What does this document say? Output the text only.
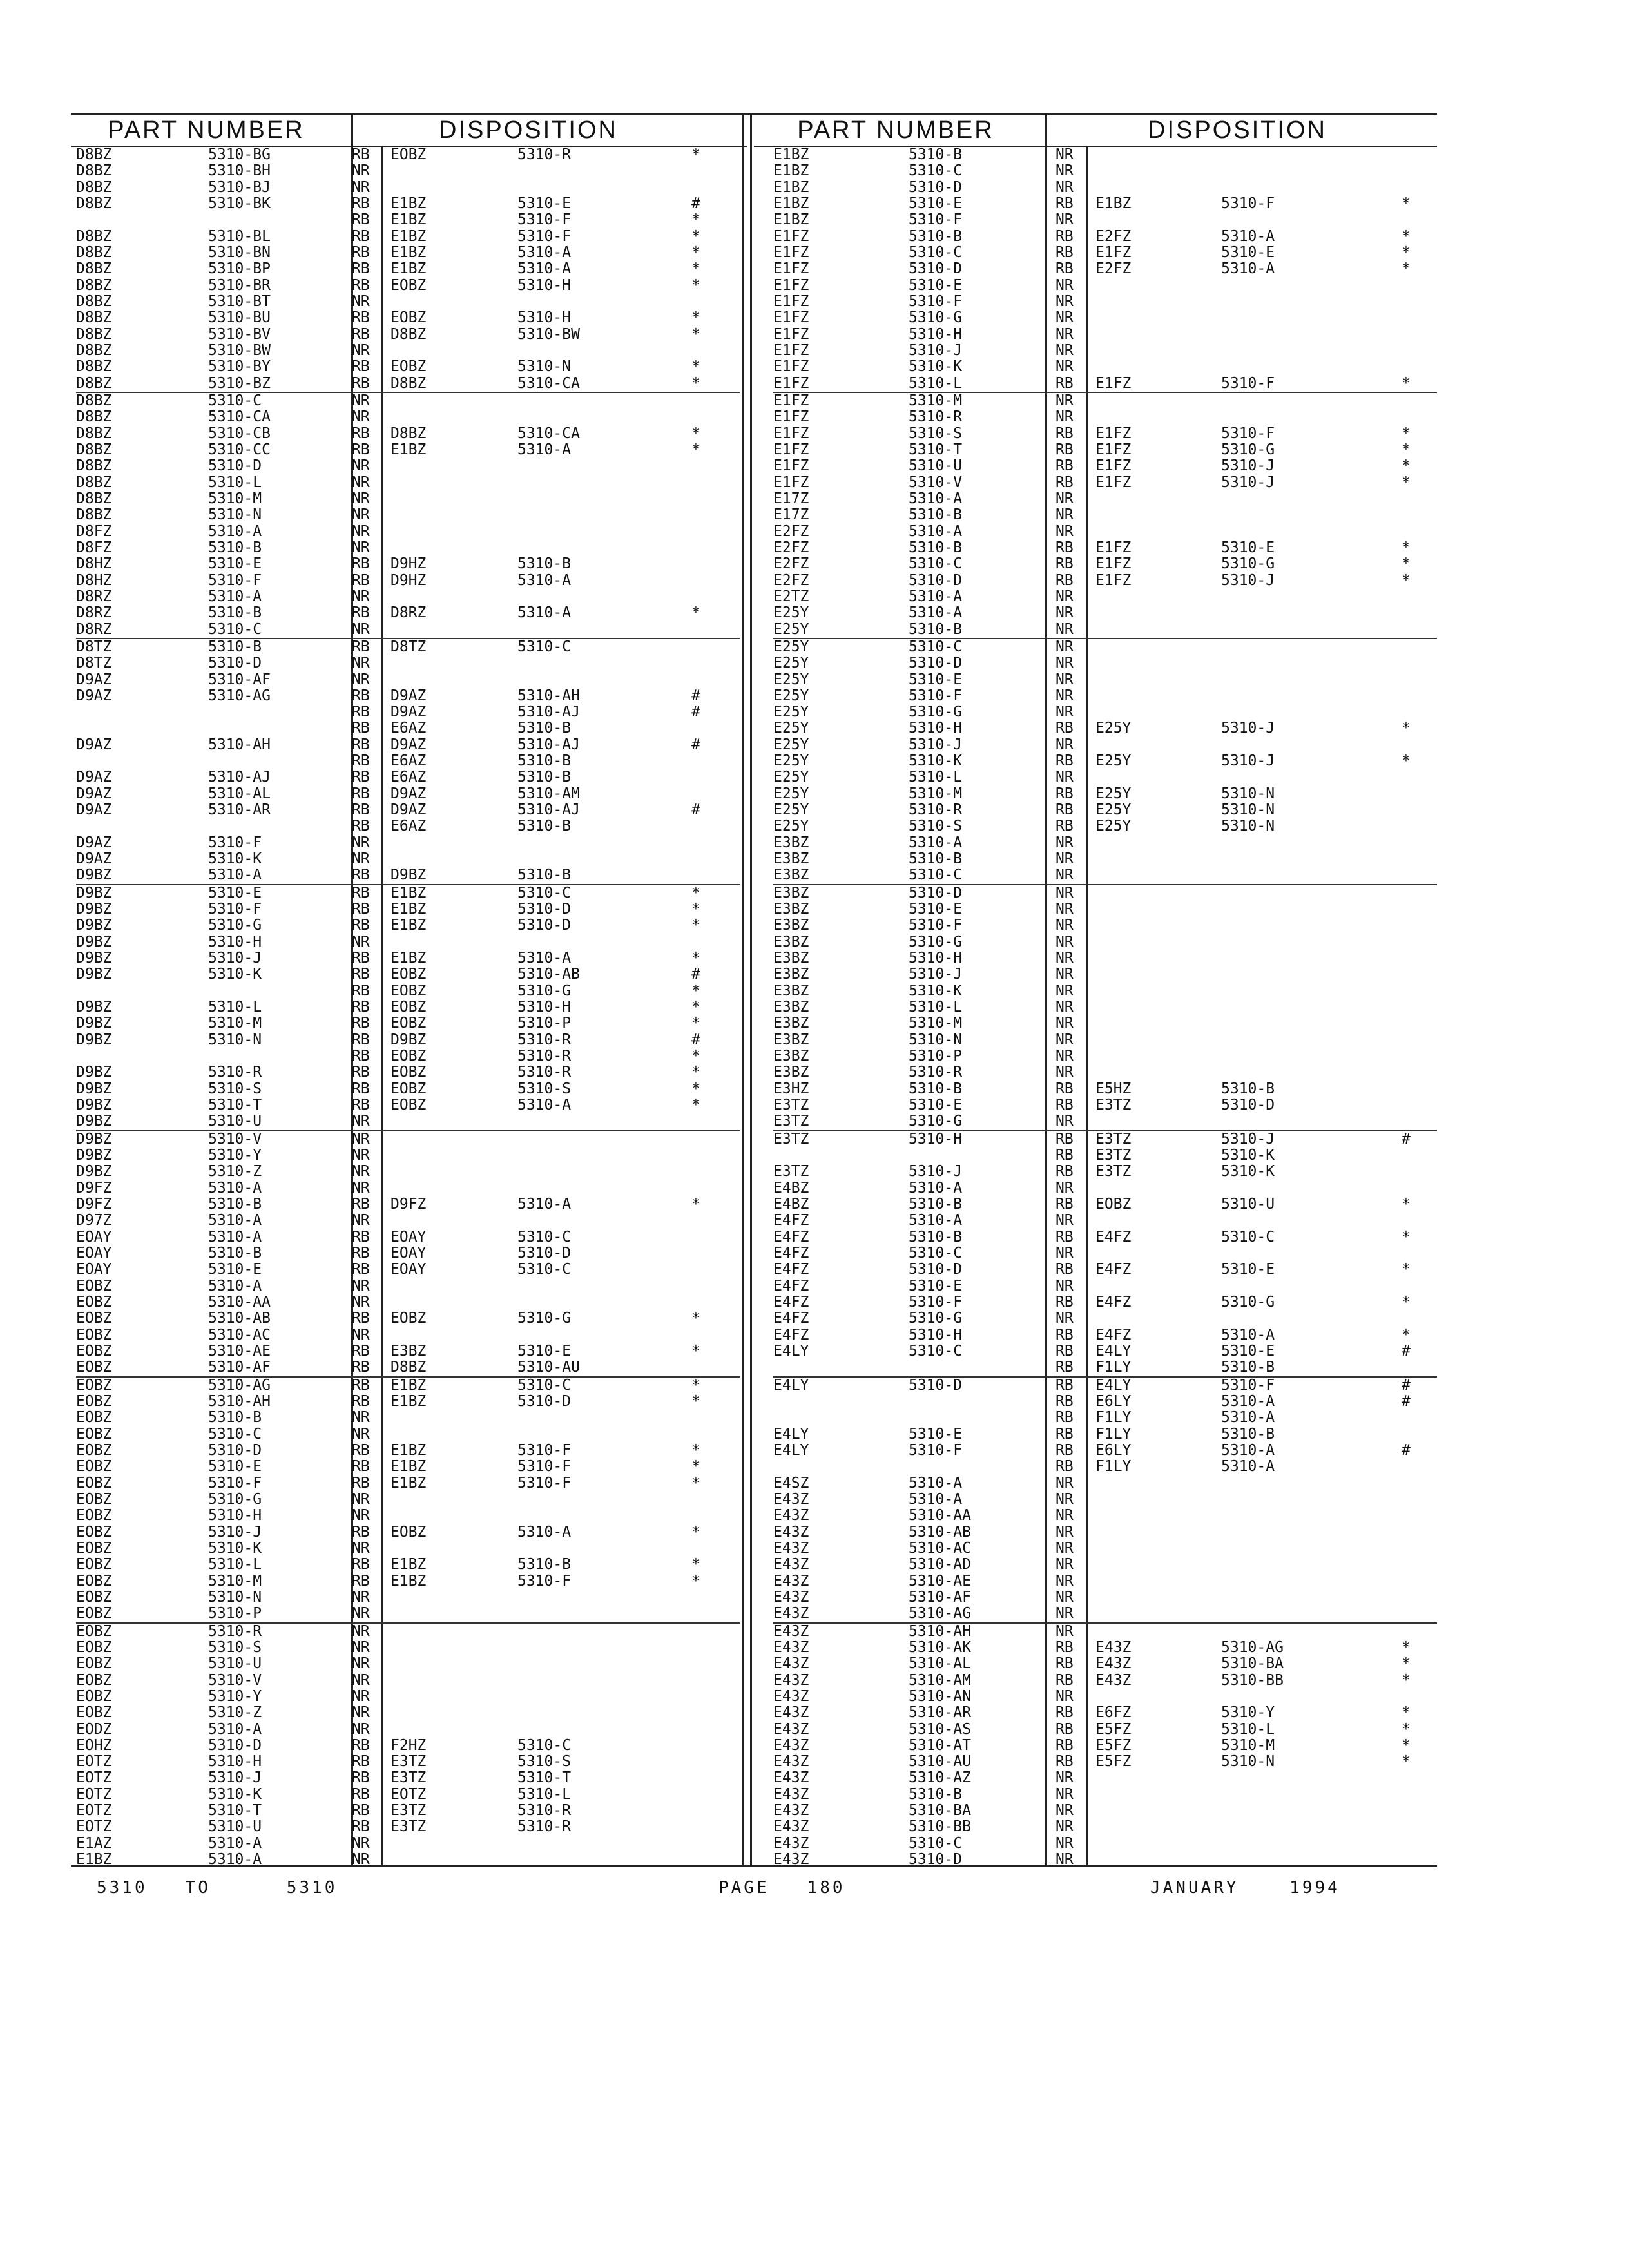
PART NUMBER	DISPOSITION	PART NUMBER	DISPOSITION
D8BZ	5310-BG	RB EOBZ	5310-R	*
D8BZ	5310-BH	NR
D8BZ	5310-BJ	NR
D8BZ	5310-BK	RB E1BZ	5310-E	#
RB E1BZ	5310-F	*
D8BZ	5310-BL	RB E1BZ	5310-F	*
D8BZ	5310-BN	RB E1BZ	5310-A	*
D8BZ	5310-BP	RB E1BZ	5310-A	*
D8BZ	5310-BR	RB EOBZ	5310-H	*
D8BZ	5310-BT	NR
D8BZ	5310-BU	RB EOBZ	5310-H	*
D8BZ	5310-BV	RB D8BZ	5310-BW	*
D8BZ	5310-BW	NR
D8BZ	5310-BY	RB EOBZ	5310-N	*
D8BZ	5310-BZ	RB D8BZ	5310-CA	*
D8BZ	5310-C	NR
D8BZ	5310-CA	NR
D8BZ	5310-CB	RB D8BZ	5310-CA	*
D8BZ	5310-CC	RB E1BZ	5310-A	*
D8BZ	5310-D	NR
D8BZ	5310-L	NR
D8BZ	5310-M	NR
D8BZ	5310-N	NR
D8FZ	5310-A	NR
D8FZ	5310-B	NR
D8HZ	5310-E	RB D9HZ	5310-B
D8HZ	5310-F	RB D9HZ	5310-A
D8RZ	5310-A	NR
D8RZ	5310-B	RB D8RZ	5310-A	*
D8RZ	5310-C	NR
D8TZ	5310-B	RB D8TZ	5310-C
D8TZ	5310-D	NR
D9AZ	5310-AF	NR
D9AZ	5310-AG	RB D9AZ	5310-AH	#
RB D9AZ	5310-AJ	#
RB E6AZ	5310-B
D9AZ	5310-AH	RB D9AZ	5310-AJ	#
RB E6AZ	5310-B
D9AZ	5310-AJ	RB E6AZ	5310-B
D9AZ	5310-AL	RB D9AZ	5310-AM
D9AZ	5310-AR	RB D9AZ	5310-AJ	#
RB E6AZ	5310-B
D9AZ	5310-F	NR
D9AZ	5310-K	NR
D9BZ	5310-A	RB D9BZ	5310-B
D9BZ	5310-E	RB E1BZ	5310-C	*
D9BZ	5310-F	RB E1BZ	5310-D	*
D9BZ	5310-G	RB E1BZ	5310-D	*
D9BZ	5310-H	NR
D9BZ	5310-J	RB E1BZ	5310-A	*
D9BZ	5310-K	RB EOBZ	5310-AB	#
RB EOBZ	5310-G	*
D9BZ	5310-L	RB EOBZ	5310-H	*
D9BZ	5310-M	RB EOBZ	5310-P	*
D9BZ	5310-N	RB D9BZ	5310-R	#
RB EOBZ	5310-R	*
D9BZ	5310-R	RB EOBZ	5310-R	*
D9BZ	5310-S	RB EOBZ	5310-S	*
D9BZ	5310-T	RB EOBZ	5310-A	*
D9BZ	5310-U	NR
D9BZ	5310-V	NR
D9BZ	5310-Y	NR
D9BZ	5310-Z	NR
D9FZ	5310-A	NR
D9FZ	5310-B	RB D9FZ	5310-A	*
D97Z	5310-A	NR
EOAY	5310-A	RB EOAY	5310-C
EOAY	5310-B	RB EOAY	5310-D
EOAY	5310-E	RB EOAY	5310-C
EOBZ	5310-A	NR
EOBZ	5310-AA	NR
EOBZ	5310-AB	RB EOBZ	5310-G	*
EOBZ	5310-AC	NR
EOBZ	5310-AE	RB E3BZ	5310-E	*
EOBZ	5310-AF	RB D8BZ	5310-AU
EOBZ	5310-AG	RB E1BZ	5310-C	*
EOBZ	5310-AH	RB E1BZ	5310-D	*
EOBZ	5310-B	NR
EOBZ	5310-C	NR
EOBZ	5310-D	RB E1BZ	5310-F	*
EOBZ	5310-E	RB E1BZ	5310-F	*
EOBZ	5310-F	RB E1BZ	5310-F	*
EOBZ	5310-G	NR
EOBZ	5310-H	NR
EOBZ	5310-J	RB EOBZ	5310-A	*
EOBZ	5310-K	NR
EOBZ	5310-L	RB E1BZ	5310-B	*
EOBZ	5310-M	RB E1BZ	5310-F	*
EOBZ	5310-N	NR
EOBZ	5310-P	NR
EOBZ	5310-R	NR
EOBZ	5310-S	NR
EOBZ	5310-U	NR
EOBZ	5310-V	NR
EOBZ	5310-Y	NR
EOBZ	5310-Z	NR
EODZ	5310-A	NR
EOHZ	5310-D	RB F2HZ	5310-C
EOTZ	5310-H	RB E3TZ	5310-S
EOTZ	5310-J	RB E3TZ	5310-T
EOTZ	5310-K	RB EOTZ	5310-L
EOTZ	5310-T	RB E3TZ	5310-R
EOTZ	5310-U	RB E3TZ	5310-R
E1AZ	5310-A	NR
E1BZ	5310-A	NR
E1BZ	5310-B	NR
E1BZ	5310-C	NR
E1BZ	5310-D	NR
E1BZ	5310-E	RB E1BZ	5310-F	*
E1BZ	5310-F	NR
E1FZ	5310-B	RB E2FZ	5310-A	*
E1FZ	5310-C	RB E1FZ	5310-E	*
E1FZ	5310-D	RB E2FZ	5310-A	*
E1FZ	5310-E	NR
E1FZ	5310-F	NR
E1FZ	5310-G	NR
E1FZ	5310-H	NR
E1FZ	5310-J	NR
E1FZ	5310-K	NR
E1FZ	5310-L	RB E1FZ	5310-F	*
E1FZ	5310-M	NR
E1FZ	5310-R	NR
E1FZ	5310-S	RB E1FZ	5310-F	*
E1FZ	5310-T	RB E1FZ	5310-G	*
E1FZ	5310-U	RB E1FZ	5310-J	*
E1FZ	5310-V	RB E1FZ	5310-J	*
E17Z	5310-A	NR
E17Z	5310-B	NR
E2FZ	5310-A	NR
E2FZ	5310-B	RB E1FZ	5310-E	*
E2FZ	5310-C	RB E1FZ	5310-G	*
E2FZ	5310-D	RB E1FZ	5310-J	*
E2TZ	5310-A	NR
E25Y	5310-A	NR
E25Y	5310-B	NR
E25Y	5310-C	NR
E25Y	5310-D	NR
E25Y	5310-E	NR
E25Y	5310-F	NR
E25Y	5310-G	NR
E25Y	5310-H	RB E25Y	5310-J	*
E25Y	5310-J	NR
E25Y	5310-K	RB E25Y	5310-J	*
E25Y	5310-L	NR
E25Y	5310-M	RB E25Y	5310-N
E25Y	5310-R	RB E25Y	5310-N
E25Y	5310-S	RB E25Y	5310-N
E3BZ	5310-A	NR
E3BZ	5310-B	NR
E3BZ	5310-C	NR
E3BZ	5310-D	NR
E3BZ	5310-E	NR
E3BZ	5310-F	NR
E3BZ	5310-G	NR
E3BZ	5310-H	NR
E3BZ	5310-J	NR
E3BZ	5310-K	NR
E3BZ	5310-L	NR
E3BZ	5310-M	NR
E3BZ	5310-N	NR
E3BZ	5310-P	NR
E3BZ	5310-R	NR
E3HZ	5310-B	RB E5HZ	5310-B
E3TZ	5310-E	RB E3TZ	5310-D
E3TZ	5310-G	NR
E3TZ	5310-H	RB E3TZ	5310-J	#
RB E3TZ	5310-K
E3TZ	5310-J	RB E3TZ	5310-K
E4BZ	5310-A	NR
E4BZ	5310-B	RB EOBZ	5310-U	*
E4FZ	5310-A	NR
E4FZ	5310-B	RB E4FZ	5310-C	*
E4FZ	5310-C	NR
E4FZ	5310-D	RB E4FZ	5310-E	*
E4FZ	5310-E	NR
E4FZ	5310-F	RB E4FZ	5310-G	*
E4FZ	5310-G	NR
E4FZ	5310-H	RB E4FZ	5310-A	*
E4LY	5310-C	RB E4LY	5310-E	#
RB F1LY	5310-B
E4LY	5310-D	RB E4LY	5310-F	#
RB E6LY	5310-A	#
RB F1LY	5310-A
E4LY	5310-E	RB F1LY	5310-B
E4LY	5310-F	RB E6LY	5310-A	#
RB F1LY	5310-A
E4SZ	5310-A	NR
E43Z	5310-A	NR
E43Z	5310-AA	NR
E43Z	5310-AB	NR
E43Z	5310-AC	NR
E43Z	5310-AD	NR
E43Z	5310-AE	NR
E43Z	5310-AF	NR
E43Z	5310-AG	NR
E43Z	5310-AH	NR
E43Z	5310-AK	RB E43Z	5310-AG	*
E43Z	5310-AL	RB E43Z	5310-BA	*
E43Z	5310-AM	RB E43Z	5310-BB	*
E43Z	5310-AN	NR
E43Z	5310-AR	RB E6FZ	5310-Y	*
E43Z	5310-AS	RB E5FZ	5310-L	*
E43Z	5310-AT	RB E5FZ	5310-M	*
E43Z	5310-AU	RB E5FZ	5310-N	*
E43Z	5310-AZ	NR
E43Z	5310-B	NR
E43Z	5310-BA	NR
E43Z	5310-BB	NR
E43Z	5310-C	NR
E43Z	5310-D	NR
5310   TO      5310	PAGE   180	JANUARY    1994
